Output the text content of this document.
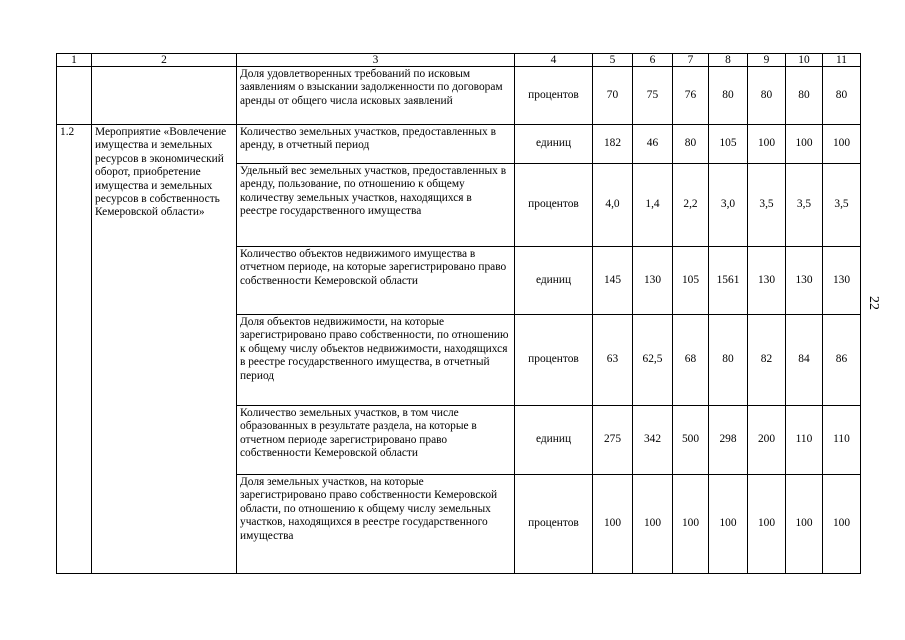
1	2	3	4	5	6	7	8	9	10	11
		Доля удовлетворенных требований по исковым заявлениям о взыскании задолженности по договорам аренды от общего числа исковых заявлений	процентов	70	75	76	80	80	80	80
1.2	Мероприятие «Вовлечение имущества и земельных ресурсов в экономический оборот, приобретение имущества и земельных ресурсов в собственность Кемеровской области»	Количество земельных участков, предоставленных в аренду, в отчетный период	единиц	182	46	80	105	100	100	100
		Удельный вес земельных участков, предоставленных в аренду, пользование, по отношению к общему количеству земельных участков, находящихся в реестре государственного имущества	процентов	4,0	1,4	2,2	3,0	3,5	3,5	3,5
		Количество объектов недвижимого имущества в отчетном периоде, на которые зарегистрировано право собственности Кемеровской области	единиц	145	130	105	1561	130	130	130
		Доля объектов недвижимости, на которые зарегистрировано право собственности, по отношению к общему числу объектов недвижимости, находящихся в реестре государственного имущества, в отчетный период	процентов	63	62,5	68	80	82	84	86
		Количество земельных участков, в том числе образованных в результате раздела, на которые в отчетном периоде зарегистрировано право собственности Кемеровской области	единиц	275	342	500	298	200	110	110
		Доля земельных участков, на которые зарегистрировано право собственности Кемеровской области, по отношению к общему числу земельных участков, находящихся в реестре государственного имущества	процентов	100	100	100	100	100	100	100
22
